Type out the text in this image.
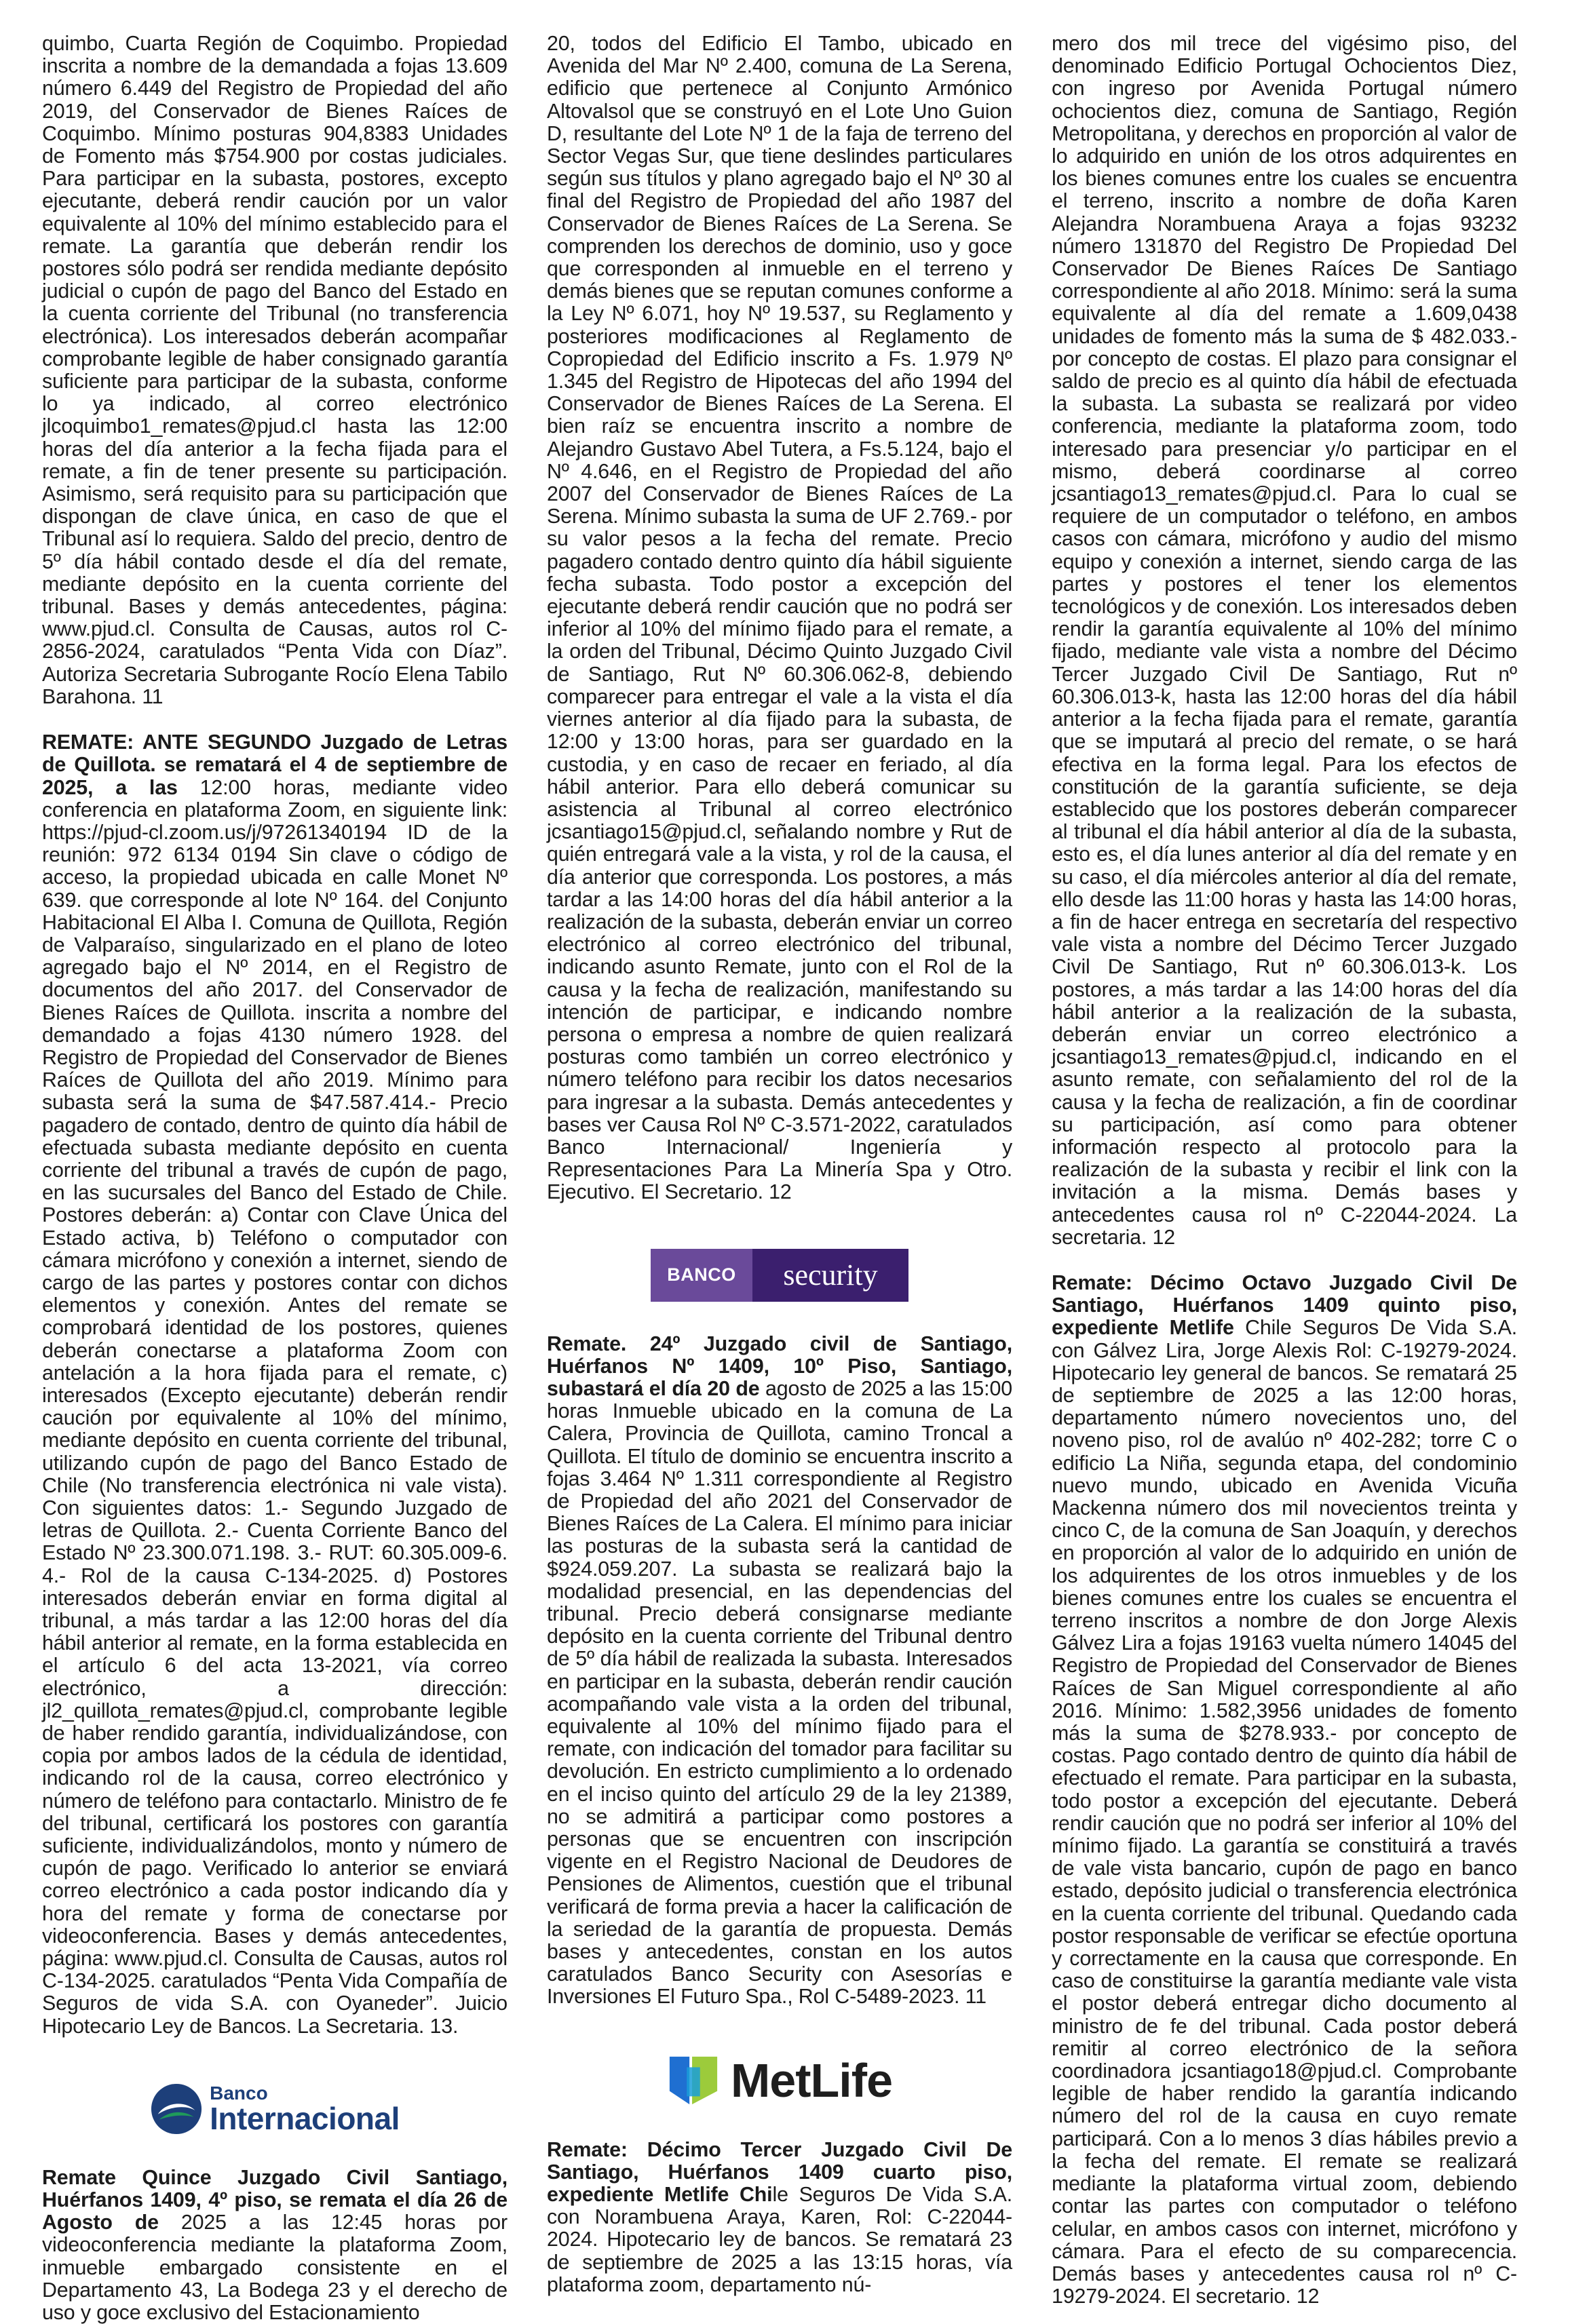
quimbo, Cuarta Región de Coquimbo. Propiedad inscrita a nombre de la demandada a fojas 13.609 número 6.449 del Registro de Propiedad del año 2019, del Conservador de Bienes Raíces de Coquimbo. Mínimo posturas 904,8383 Unidades de Fomento más $754.900 por costas judiciales. Para participar en la subasta, postores, excepto ejecutante, deberá rendir caución por un valor equivalente al 10% del mínimo establecido para el remate. La garantía que deberán rendir los postores sólo podrá ser rendida mediante depósito judicial o cupón de pago del Banco del Estado en la cuenta corriente del Tribunal (no transferencia electrónica). Los interesados deberán acompañar comprobante legible de haber consignado garantía suficiente para participar de la subasta, conforme lo ya indicado, al correo electrónico jlcoquimbo1_remates@pjud.cl hasta las 12:00 horas del día anterior a la fecha fijada para el remate, a fin de tener presente su participación. Asimismo, será requisito para su participación que dispongan de clave única, en caso de que el Tribunal así lo requiera. Saldo del precio, dentro de 5º día hábil contado desde el día del remate, mediante depósito en la cuenta corriente del tribunal. Bases y demás antecedentes, página: www.pjud.cl. Consulta de Causas, autos rol C-2856-2024, caratulados “Penta Vida con Díaz”. Autoriza Secretaria Subrogante Rocío Elena Tabilo Barahona. 11

REMATE: ANTE SEGUNDO Juzgado de Letras de Quillota. se rematará el 4 de septiembre de 2025, a las 12:00 horas, mediante video conferencia en plataforma Zoom, en siguiente link: https://pjud-cl.zoom.us/j/97261340194 ID de la reunión: 972 6134 0194 Sin clave o código de acceso, la propiedad ubicada en calle Monet Nº 639. que corresponde al lote Nº 164. del Conjunto Habitacional El Alba I. Comuna de Quillota, Región de Valparaíso, singularizado en el plano de loteo agregado bajo el Nº 2014, en el Registro de documentos del año 2017. del Conservador de Bienes Raíces de Quillota. inscrita a nombre del demandado a fojas 4130 número 1928. del Registro de Propiedad del Conservador de Bienes Raíces de Quillota del año 2019. Mínimo para subasta será la suma de $47.587.414.- Precio pagadero de contado, dentro de quinto día hábil de efectuada subasta mediante depósito en cuenta corriente del tribunal a través de cupón de pago, en las sucursales del Banco del Estado de Chile. Postores deberán: a) Contar con Clave Única del Estado activa, b) Teléfono o computador con cámara micrófono y conexión a internet, siendo de cargo de las partes y postores contar con dichos elementos y conexión. Antes del remate se comprobará identidad de los postores, quienes deberán conectarse a plataforma Zoom con antelación a la hora fijada para el remate, c) interesados (Excepto ejecutante) deberán rendir caución por equivalente al 10% del mínimo, mediante depósito en cuenta corriente del tribunal, utilizando cupón de pago del Banco Estado de Chile (No transferencia electrónica ni vale vista). Con siguientes datos: 1.- Segundo Juzgado de letras de Quillota. 2.- Cuenta Corriente Banco del Estado Nº 23.300.071.198. 3.- RUT: 60.305.009-6. 4.- Rol de la causa C-134-2025. d) Postores interesados deberán enviar en forma digital al tribunal, a más tardar a las 12:00 horas del día hábil anterior al remate, en la forma establecida en el artículo 6 del acta 13-2021, vía correo electrónico, a dirección: jl2_quillota_remates@pjud.cl, comprobante legible de haber rendido garantía, individualizándose, con copia por ambos lados de la cédula de identidad, indicando rol de la causa, correo electrónico y número de teléfono para contactarlo. Ministro de fe del tribunal, certificará los postores con garantía suficiente, individualizándolos, monto y número de cupón de pago. Verificado lo anterior se enviará correo electrónico a cada postor indicando día y hora del remate y forma de conectarse por videoconferencia. Bases y demás antecedentes, página: www.pjud.cl. Consulta de Causas, autos rol C-134-2025. caratulados “Penta Vida Compañía de Seguros de vida S.A. con Oyaneder”. Juicio Hipotecario Ley de Bancos. La Secretaria. 13.

Banco
Internacional

Remate Quince Juzgado Civil Santiago, Huérfanos 1409, 4º piso, se remata el día 26 de Agosto de 2025 a las 12:45 horas por videoconferencia mediante la plataforma Zoom, inmueble embargado consistente en el Departamento 43, La Bodega 23 y el derecho de uso y goce exclusivo del Estacionamiento

20, todos del Edificio El Tambo, ubicado en Avenida del Mar Nº 2.400, comuna de La Serena, edificio que pertenece al Conjunto Armónico Altovalsol que se construyó en el Lote Uno Guion D, resultante del Lote Nº 1 de la faja de terreno del Sector Vegas Sur, que tiene deslindes particulares según sus títulos y plano agregado bajo el Nº 30 al final del Registro de Propiedad del año 1987 del Conservador de Bienes Raíces de La Serena. Se comprenden los derechos de dominio, uso y goce que corresponden al inmueble en el terreno y demás bienes que se reputan comunes conforme a la Ley Nº 6.071, hoy Nº 19.537, su Reglamento y posteriores modificaciones al Reglamento de Copropiedad del Edificio inscrito a Fs. 1.979 Nº 1.345 del Registro de Hipotecas del año 1994 del Conservador de Bienes Raíces de La Serena. El bien raíz se encuentra inscrito a nombre de Alejandro Gustavo Abel Tutera, a Fs.5.124, bajo el Nº 4.646, en el Registro de Propiedad del año 2007 del Conservador de Bienes Raíces de La Serena. Mínimo subasta la suma de UF 2.769.- por su valor pesos a la fecha del remate. Precio pagadero contado dentro quinto día hábil siguiente fecha subasta. Todo postor a excepción del ejecutante deberá rendir caución que no podrá ser inferior al 10% del mínimo fijado para el remate, a la orden del Tribunal, Décimo Quinto Juzgado Civil de Santiago, Rut Nº 60.306.062-8, debiendo comparecer para entregar el vale a la vista el día viernes anterior al día fijado para la subasta, de 12:00 y 13:00 horas, para ser guardado en la custodia, y en caso de recaer en feriado, al día hábil anterior. Para ello deberá comunicar su asistencia al Tribunal al correo electrónico jcsantiago15@pjud.cl, señalando nombre y Rut de quién entregará vale a la vista, y rol de la causa, el día anterior que corresponda. Los postores, a más tardar a las 14:00 horas del día hábil anterior a la realización de la subasta, deberán enviar un correo electrónico al correo electrónico del tribunal, indicando asunto Remate, junto con el Rol de la causa y la fecha de realización, manifestando su intención de participar, e indicando nombre persona o empresa a nombre de quien realizará posturas como también un correo electrónico y número teléfono para recibir los datos necesarios para ingresar a la subasta. Demás antecedentes y bases ver Causa Rol Nº C-3.571-2022, caratulados Banco Internacional/ Ingeniería y Representaciones Para La Minería Spa y Otro. Ejecutivo. El Secretario. 12

BANCO	security

Remate. 24º Juzgado civil de Santiago, Huérfanos Nº 1409, 10º Piso, Santiago, subastará el día 20 de agosto de 2025 a las 15:00 horas Inmueble ubicado en la comuna de La Calera, Provincia de Quillota, camino Troncal a Quillota. El título de dominio se encuentra inscrito a fojas 3.464 Nº 1.311 correspondiente al Registro de Propiedad del año 2021 del Conservador de Bienes Raíces de La Calera. El mínimo para iniciar las posturas de la subasta será la cantidad de $924.059.207. La subasta se realizará bajo la modalidad presencial, en las dependencias del tribunal. Precio deberá consignarse mediante depósito en la cuenta corriente del Tribunal dentro de 5º día hábil de realizada la subasta. Interesados en participar en la subasta, deberán rendir caución acompañando vale vista a la orden del tribunal, equivalente al 10% del mínimo fijado para el remate, con indicación del tomador para facilitar su devolución. En estricto cumplimiento a lo ordenado en el inciso quinto del artículo 29 de la ley 21389, no se admitirá a participar como postores a personas que se encuentren con inscripción vigente en el Registro Nacional de Deudores de Pensiones de Alimentos, cuestión que el tribunal verificará de forma previa a hacer la calificación de la seriedad de la garantía de propuesta. Demás bases y antecedentes, constan en los autos caratulados Banco Security con Asesorías e Inversiones El Futuro Spa., Rol C-5489-2023. 11

MetLife

Remate: Décimo Tercer Juzgado Civil De Santiago, Huérfanos 1409 cuarto piso, expediente Metlife Chile Seguros De Vida S.A. con Norambuena Araya, Karen, Rol: C-22044-2024. Hipotecario ley de bancos. Se rematará 23 de septiembre de 2025 a las 13:15 horas, vía plataforma zoom, departamento nú-

mero dos mil trece del vigésimo piso, del denominado Edificio Portugal Ochocientos Diez, con ingreso por Avenida Portugal número ochocientos diez, comuna de Santiago, Región Metropolitana, y derechos en proporción al valor de lo adquirido en unión de los otros adquirentes en los bienes comunes entre los cuales se encuentra el terreno, inscrito a nombre de doña Karen Alejandra Norambuena Araya a fojas 93232 número 131870 del Registro De Propiedad Del Conservador De Bienes Raíces De Santiago correspondiente al año 2018. Mínimo: será la suma equivalente al día del remate a 1.609,0438 unidades de fomento más la suma de $ 482.033.- por concepto de costas. El plazo para consignar el saldo de precio es al quinto día hábil de efectuada la subasta. La subasta se realizará por video conferencia, mediante la plataforma zoom, todo interesado para presenciar y/o participar en el mismo, deberá coordinarse al correo jcsantiago13_remates@pjud.cl. Para lo cual se requiere de un computador o teléfono, en ambos casos con cámara, micrófono y audio del mismo equipo y conexión a internet, siendo carga de las partes y postores el tener los elementos tecnológicos y de conexión. Los interesados deben rendir la garantía equivalente al 10% del mínimo fijado, mediante vale vista a nombre del Décimo Tercer Juzgado Civil De Santiago, Rut nº 60.306.013-k, hasta las 12:00 horas del día hábil anterior a la fecha fijada para el remate, garantía que se imputará al precio del remate, o se hará efectiva en la forma legal. Para los efectos de constitución de la garantía suficiente, se deja establecido que los postores deberán comparecer al tribunal el día hábil anterior al día de la subasta, esto es, el día lunes anterior al día del remate y en su caso, el día miércoles anterior al día del remate, ello desde las 11:00 horas y hasta las 14:00 horas, a fin de hacer entrega en secretaría del respectivo vale vista a nombre del Décimo Tercer Juzgado Civil De Santiago, Rut nº 60.306.013-k. Los postores, a más tardar a las 14:00 horas del día hábil anterior a la realización de la subasta, deberán enviar un correo electrónico a jcsantiago13_remates@pjud.cl, indicando en el asunto remate, con señalamiento del rol de la causa y la fecha de realización, a fin de coordinar su participación, así como para obtener información respecto al protocolo para la realización de la subasta y recibir el link con la invitación a la misma. Demás bases y antecedentes causa rol nº C-22044-2024. La secretaria. 12

Remate: Décimo Octavo Juzgado Civil De Santiago, Huérfanos 1409 quinto piso, expediente Metlife Chile Seguros De Vida S.A. con Gálvez Lira, Jorge Alexis Rol: C-19279-2024. Hipotecario ley general de bancos. Se rematará 25 de septiembre de 2025 a las 12:00 horas, departamento número novecientos uno, del noveno piso, rol de avalúo nº 402-282; torre C o edificio La Niña, segunda etapa, del condominio nuevo mundo, ubicado en Avenida Vicuña Mackenna número dos mil novecientos treinta y cinco C, de la comuna de San Joaquín, y derechos en proporción al valor de lo adquirido en unión de los adquirentes de los otros inmuebles y de los bienes comunes entre los cuales se encuentra el terreno inscritos a nombre de don Jorge Alexis Gálvez Lira a fojas 19163 vuelta número 14045 del Registro de Propiedad del Conservador de Bienes Raíces de San Miguel correspondiente al año 2016. Mínimo: 1.582,3956 unidades de fomento más la suma de $278.933.- por concepto de costas. Pago contado dentro de quinto día hábil de efectuado el remate. Para participar en la subasta, todo postor a excepción del ejecutante. Deberá rendir caución que no podrá ser inferior al 10% del mínimo fijado. La garantía se constituirá a través de vale vista bancario, cupón de pago en banco estado, depósito judicial o transferencia electrónica en la cuenta corriente del tribunal. Quedando cada postor responsable de verificar se efectúe oportuna y correctamente en la causa que corresponde. En caso de constituirse la garantía mediante vale vista el postor deberá entregar dicho documento al ministro de fe del tribunal. Cada postor deberá remitir al correo electrónico de la señora coordinadora jcsantiago18@pjud.cl. Comprobante legible de haber rendido la garantía indicando número del rol de la causa en cuyo remate participará. Con a lo menos 3 días hábiles previo a la fecha del remate. El remate se realizará mediante la plataforma virtual zoom, debiendo contar las partes con computador o teléfono celular, en ambos casos con internet, micrófono y cámara. Para el efecto de su comparecencia. Demás bases y antecedentes causa rol nº C-19279-2024. El secretario. 12
